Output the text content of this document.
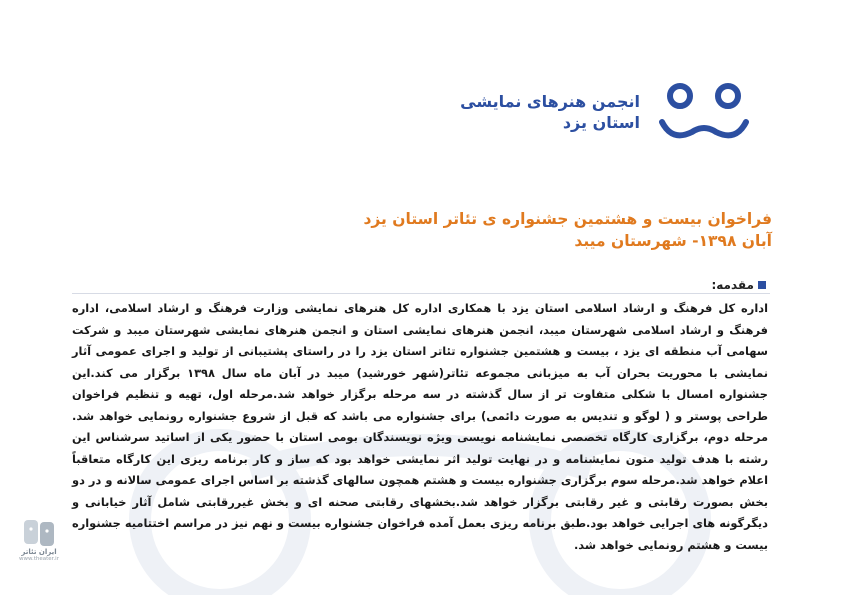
انجمن هنرهای نمایشی
استان یزد
فراخوان بیست و هشتمین جشنواره ی تئاتر استان یزد
آبان ۱۳۹۸- شهرستان میبد
مقدمه:

اداره کل فرهنگ و ارشاد اسلامی استان یزد با همکاری اداره کل هنرهای نمایشی وزارت فرهنگ و ارشاد اسلامی، اداره فرهنگ و ارشاد اسلامی شهرستان میبد، انجمن هنرهای نمایشی استان و انجمن هنرهای نمایشی شهرستان میبد و شرکت سهامی آب منطقه ای یزد ، بیست و هشتمین جشنواره تئاتر استان یزد را در راستای پشتیبانی از تولید و اجرای عمومی آثار نمایشی با محوریت بحران آب به میزبانی مجموعه تئاتر(شهر خورشید) میبد در آبان ماه سال ۱۳۹۸ برگزار می کند.این جشنواره امسال با شکلی متفاوت تر از سال گذشته در سه مرحله برگزار خواهد شد.مرحله اول، تهیه و تنظیم فراخوان طراحی پوستر و ( لوگو و تندیس به صورت دائمی) برای جشنواره می باشد که قبل از شروع جشنواره رونمایی خواهد شد. مرحله دوم، برگزاری کارگاه تخصصی نمایشنامه نویسی ویژه نویسندگان بومی استان با حضور یکی از اساتید سرشناس این رشته با هدف تولید متون نمایشنامه و در نهایت تولید اثر نمایشی خواهد بود که ساز و کار برنامه ریزی این کارگاه متعاقباً اعلام خواهد شد.مرحله سوم برگزاری جشنواره بیست و هشتم همچون سالهای گذشته بر اساس اجرای عمومی سالانه و در دو بخش بصورت رقابتی و غیر رقابتی برگزار خواهد شد.بخشهای رقابتی صحنه ای و بخش غیررقابتی شامل آثار خیابانی و دیگرگونه های اجرایی خواهد بود.طبق برنامه ریزی بعمل آمده فراخوان جشنواره بیست و نهم نیز در مراسم اختتامیه جشنواره بیست و هشتم رونمایی خواهد شد.

ایران تئاتر
www.theater.ir
